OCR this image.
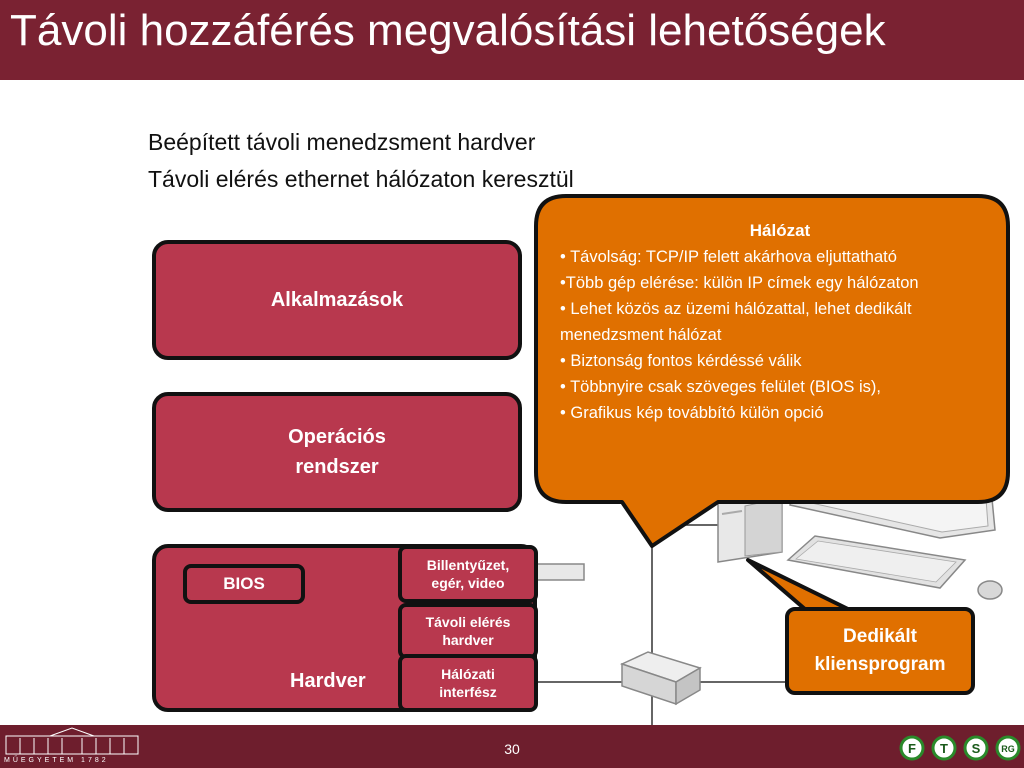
Távoli hozzáférés megvalósítási lehetőségek
Beépített távoli menedzsment hardver
Távoli elérés ethernet hálózaton keresztül
Alkalmazások
Operációs
rendszer
BIOS
Hardver
Billentyűzet,
egér, video
Távoli elérés
hardver
Hálózati
interfész
Hálózat
• Távolság: TCP/IP felett akárhova eljuttatható
•Több gép elérése: külön IP címek egy hálózaton
• Lehet közös az üzemi hálózattal, lehet dedikált menedzsment hálózat
• Biztonság fontos kérdéssé válik
• Többnyire csak szöveges felület (BIOS is),
• Grafikus kép továbbító külön opció
Dedikált
kliensprogram
F T S RG
MŰEGYETEM 1782
30
